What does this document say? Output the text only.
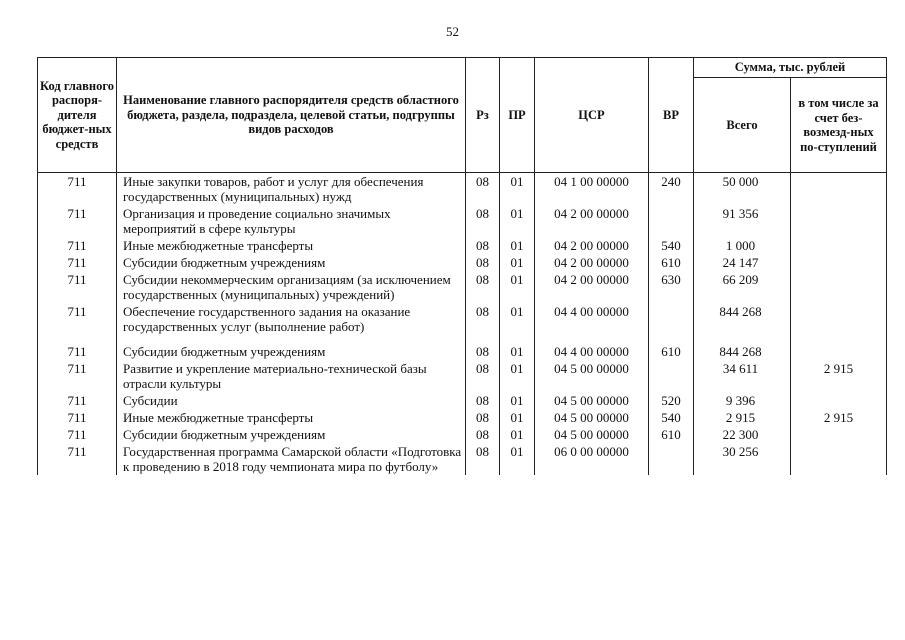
52
Код главного распоря-дителя бюджет-ных средств	Наименование главного распорядителя средств областного бюджета, раздела, подраздела, целевой статьи, подгруппы видов расходов	Рз	ПР	ЦСР	ВР	Сумма, тыс. рублей	
						Всего	в том числе за счет без-возмезд-ных по-ступлений
711	Иные закупки товаров, работ и услуг для обеспечения государственных (муниципальных) нужд	08	01	04 1 00 00000	240	50 000	
711	Организация и проведение социально значимых мероприятий в сфере культуры	08	01	04 2 00 00000		91 356	
711	Иные межбюджетные трансферты	08	01	04 2 00 00000	540	1 000	
711	Субсидии бюджетным учреждениям	08	01	04 2 00 00000	610	24 147	
711	Субсидии некоммерческим организациям (за исключением государственных (муниципальных) учреждений)	08	01	04 2 00 00000	630	66 209	
711	Обеспечение государственного задания на оказание государственных услуг (выполнение работ)	08	01	04 4 00 00000		844 268	

711	Субсидии бюджетным учреждениям	08	01	04 4 00 00000	610	844 268	
711	Развитие и укрепление материально-технической базы отрасли культуры	08	01	04 5 00 00000		34 611	2 915
711	Субсидии	08	01	04 5 00 00000	520	9 396	
711	Иные межбюджетные трансферты	08	01	04 5 00 00000	540	2 915	2 915
711	Субсидии бюджетным учреждениям	08	01	04 5 00 00000	610	22 300	
711	Государственная программа Самарской области «Подготовка к проведению в 2018 году чемпионата мира по футболу»	08	01	06 0 00 00000		30 256	
